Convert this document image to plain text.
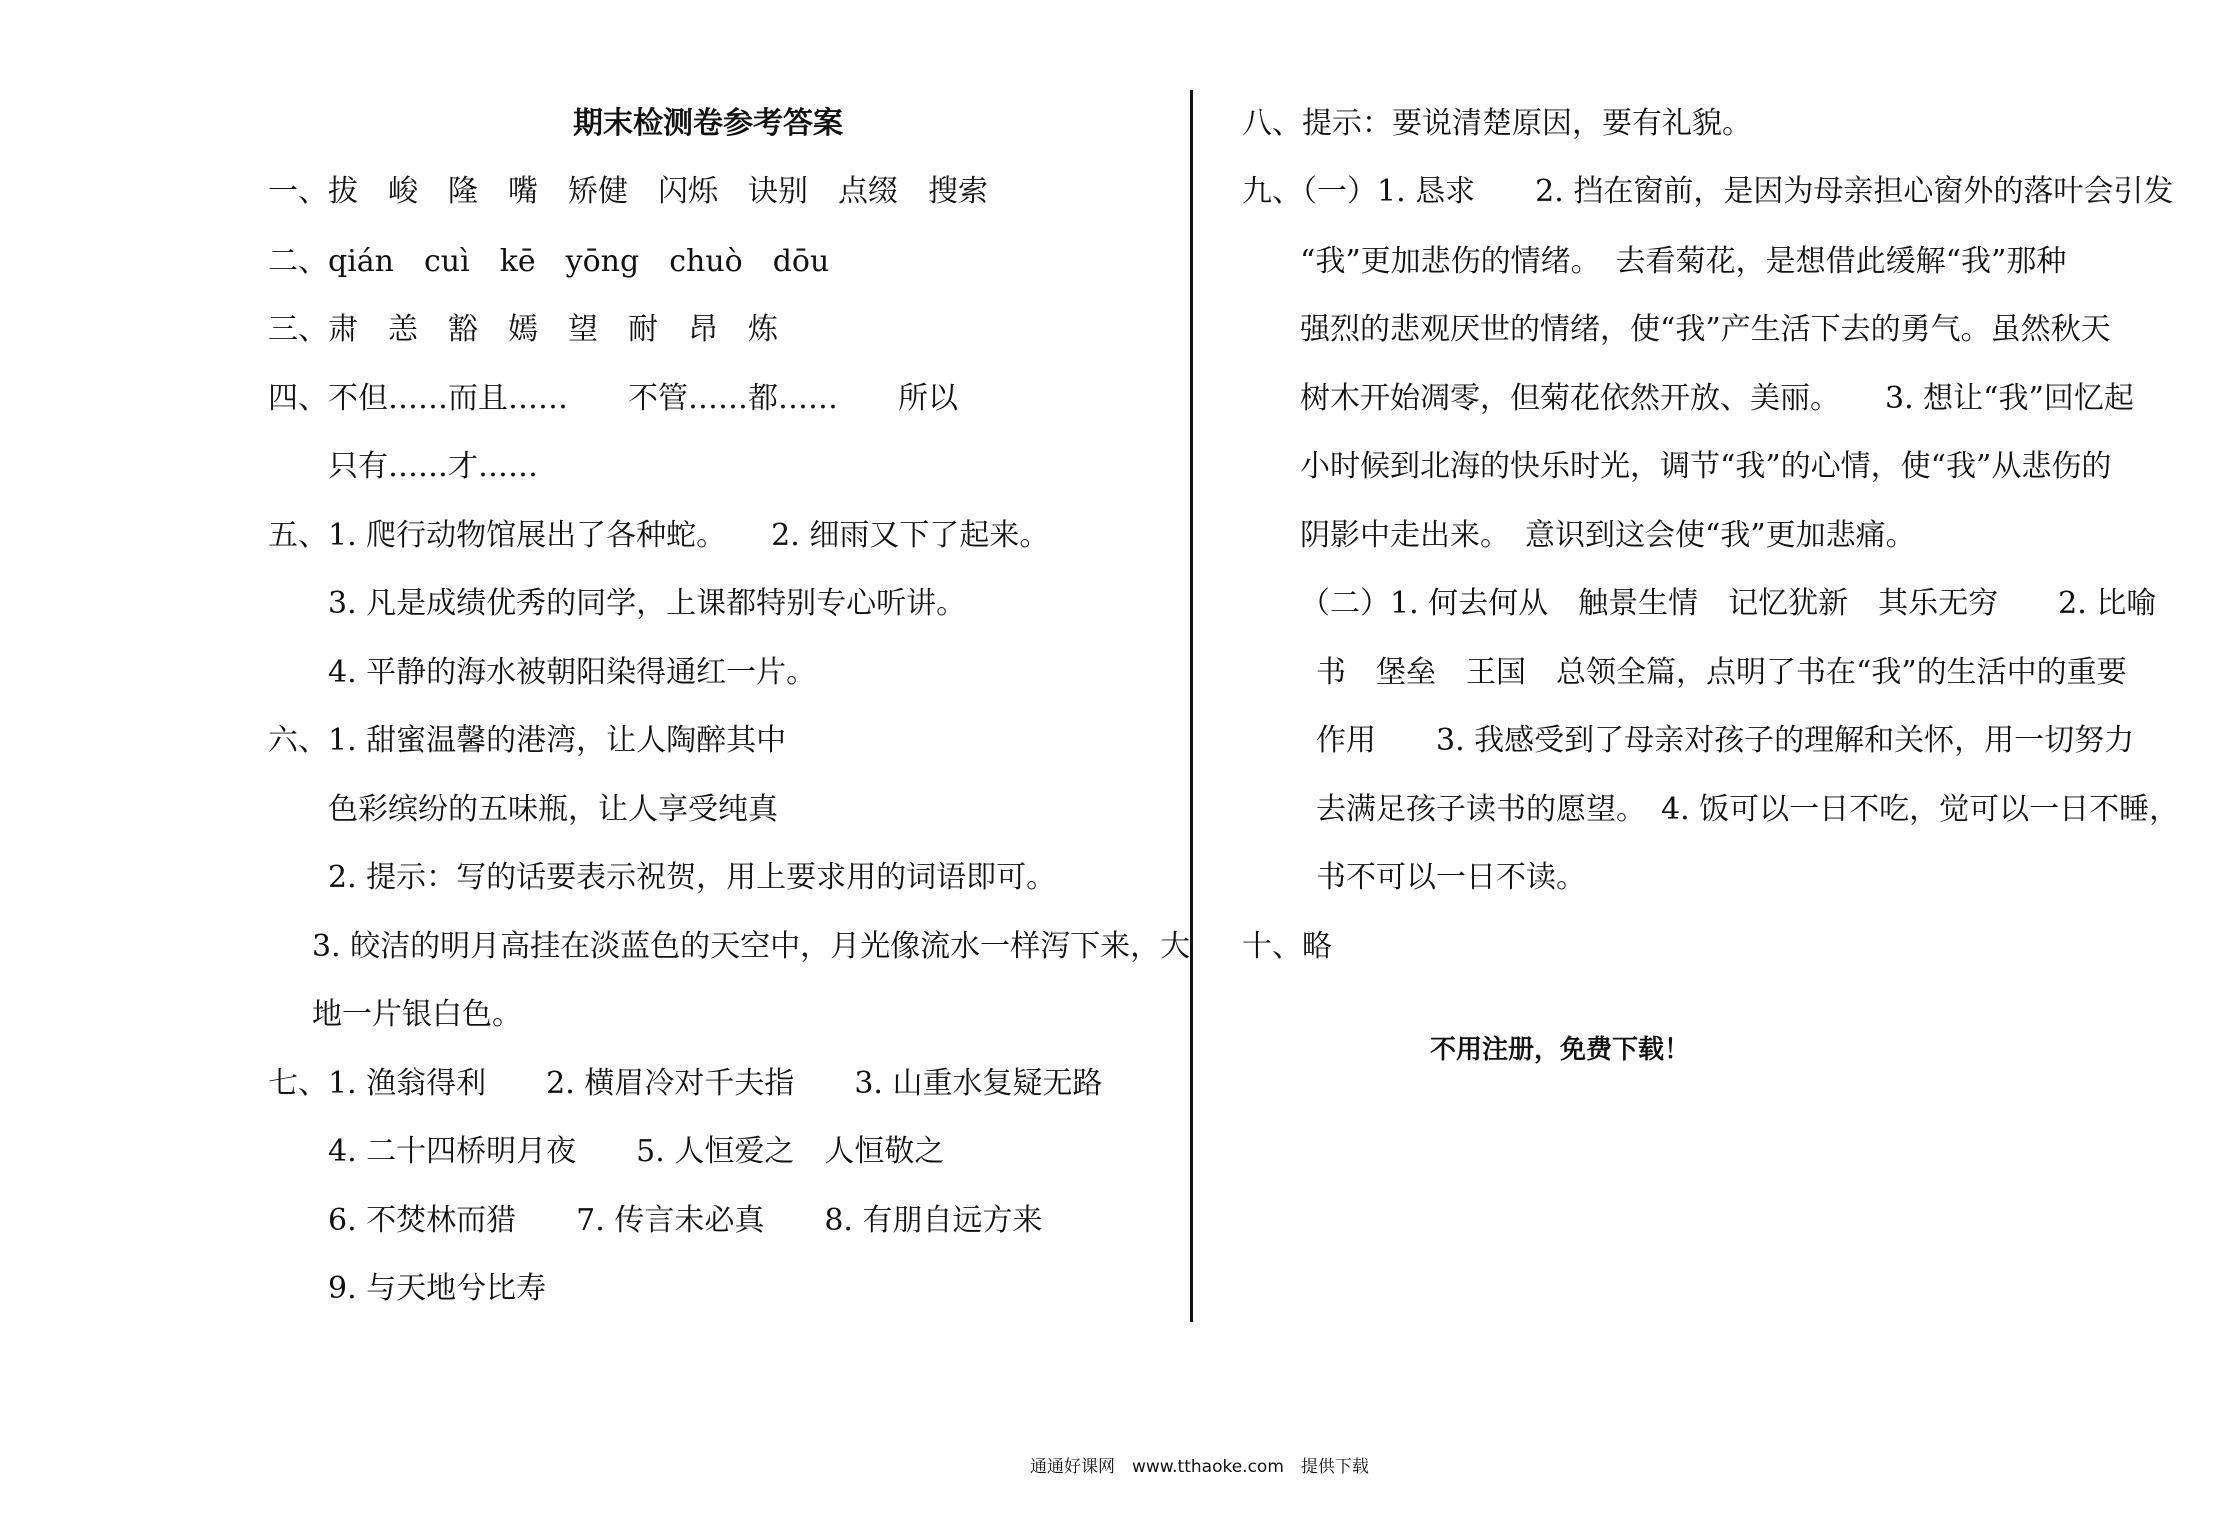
期末检测卷参考答案
一、拔　峻　隆　嘴　矫健　闪烁　诀别　点缀　搜索
二、qián　cuì　kē　yōng　chuò　dōu
三、肃　恙　豁　嫣　望　耐　昂　炼
四、不但……而且……　　不管……都……　　所以
只有……才……
五、1. 爬行动物馆展出了各种蛇。　　2. 细雨又下了起来。
3. 凡是成绩优秀的同学，上课都特别专心听讲。
4. 平静的海水被朝阳染得通红一片。
六、1. 甜蜜温馨的港湾，让人陶醉其中
色彩缤纷的五味瓶，让人享受纯真
2. 提示：写的话要表示祝贺，用上要求用的词语即可。
3. 皎洁的明月高挂在淡蓝色的天空中，月光像流水一样泻下来，大
地一片银白色。
七、1. 渔翁得利　　2. 横眉冷对千夫指　　3. 山重水复疑无路
4. 二十四桥明月夜　　5. 人恒爱之　人恒敬之
6. 不焚林而猎　　7. 传言未必真　　8. 有朋自远方来
9. 与天地兮比寿
八、提示：要说清楚原因，要有礼貌。
九、（一）1. 恳求　　2. 挡在窗前，是因为母亲担心窗外的落叶会引发
“我”更加悲伤的情绪。　去看菊花，是想借此缓解“我”那种
强烈的悲观厌世的情绪，使“我”产生活下去的勇气。虽然秋天
树木开始凋零，但菊花依然开放、美丽。　　3. 想让“我”回忆起
小时候到北海的快乐时光，调节“我”的心情，使“我”从悲伤的
阴影中走出来。　意识到这会使“我”更加悲痛。
（二）1. 何去何从　触景生情　记忆犹新　其乐无穷　　2. 比喻
书　堡垒　王国　总领全篇，点明了书在“我”的生活中的重要
作用　　3. 我感受到了母亲对孩子的理解和关怀，用一切努力
去满足孩子读书的愿望。　4. 饭可以一日不吃，觉可以一日不睡，
书不可以一日不读。
十、略
不用注册，免费下载！
通通好课网　www.tthaoke.com　提供下载
